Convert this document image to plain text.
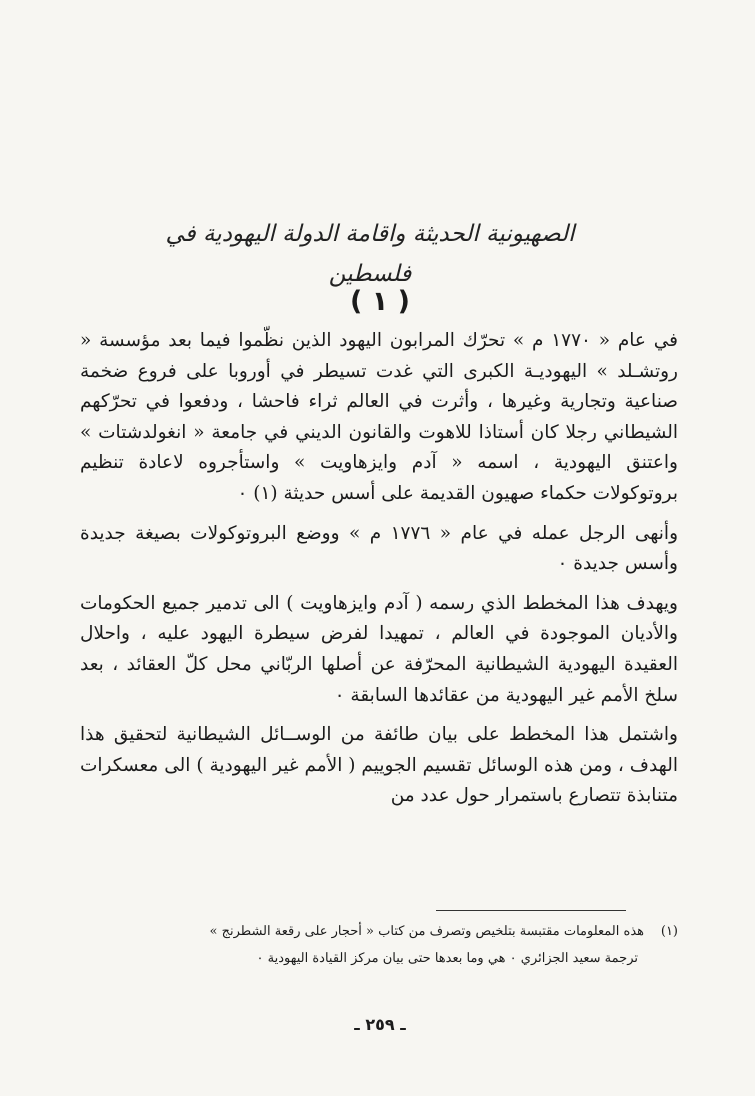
الصهيونية الحديثة واقامة الدولة اليهودية في فلسطين
( ١ )

في عام « ١٧٧٠ م » تحرّك المرابون اليهود الذين نظّموا فيما بعد مؤسسة « روتشـلد » اليهوديـة الكبرى التي غدت تسيطر في أوروبا على فروع ضخمة صناعية وتجارية وغيرها ، وأثرت في العالم ثراء فاحشا ، ودفعوا في تحرّكهم الشيطاني رجلا كان أستاذا للاهوت والقانون الديني في جامعة « انغولدشتات » واعتنق اليهودية ، اسمه « آدم وايزهاويت » واستأجروه لاعادة تنظيم بروتوكولات حكماء صهيون القديمة على أسس حديثة (١) ٠

وأنهى الرجل عمله في عام « ١٧٧٦ م » ووضع البروتوكولات بصيغة جديدة وأسس جديدة ٠

ويهدف هذا المخطط الذي رسمه ( آدم وايزهاويت ) الى تدمير جميع الحكومات والأديان الموجودة في العالم ، تمهيدا لفرض سيطرة اليهود عليه ، واحلال العقيدة اليهودية الشيطانية المحرّفة عن أصلها الربّاني محل كلّ العقائد ، بعد سلخ الأمم غير اليهودية من عقائدها السابقة ٠

واشتمل هذا المخطط على بيان طائفة من الوســائل الشيطانية لتحقيق هذا الهدف ، ومن هذه الوسائل تقسيم الجوييم ( الأمم غير اليهودية ) الى معسكرات متنابذة تتصارع باستمرار حول عدد من

(١)
هذه المعلومات مقتبسة بتلخيص وتصرف من كتاب « أحجار على رقعة الشطرنج »
ترجمة سعيد الجزائري ٠ هي وما بعدها حتى بيان مركز القيادة اليهودية ٠
ـ ٢٥٩ ـ
